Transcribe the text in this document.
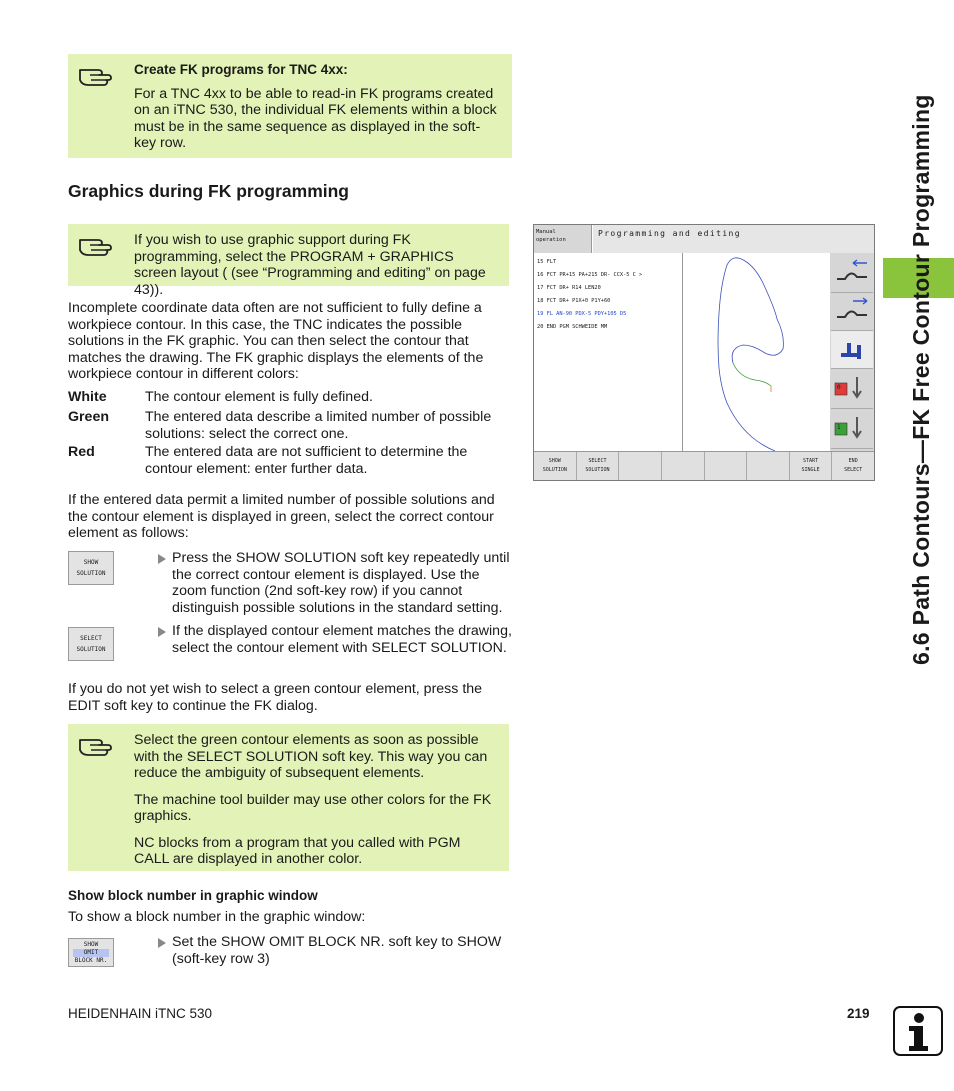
6.6 Path Contours—FK Free Contour Programming

Create FK programs for TNC 4xx:

For a TNC 4xx to be able to read-in FK programs created on an iTNC 530, the individual FK elements within a block must be in the same sequence as displayed in the soft-key row.

Graphics during FK programming

If you wish to use graphic support during FK programming, select the PROGRAM + GRAPHICS screen layout ( (see “Programming and editing” on page 43)).

Incomplete coordinate data often are not sufficient to fully define a workpiece contour. In this case, the TNC indicates the possible solutions in the FK graphic. You can then select the contour that matches the drawing. The FK graphic displays the elements of the workpiece contour in different colors:
White	The contour element is fully defined.
Green	The entered data describe a limited number of possible solutions: select the correct one.
Red	The entered data are not sufficient to determine the contour element: enter further data.
If the entered data permit a limited number of possible solutions and the contour element is displayed in green, select the correct contour element as follows:
SHOW
SOLUTION
Press the SHOW SOLUTION soft key repeatedly until the correct contour element is displayed. Use the zoom function (2nd soft-key row) if you cannot distinguish possible solutions in the standard setting.
SELECT
SOLUTION
If the displayed contour element matches the drawing, select the contour element with SELECT SOLUTION.
If you do not yet wish to select a green contour element, press the EDIT soft key to continue the FK dialog.

Select the green contour elements as soon as possible with the SELECT SOLUTION soft key. This way you can reduce the ambiguity of subsequent elements.

The machine tool builder may use other colors for the FK graphics.

NC blocks from a program that you called with PGM CALL are displayed in another color.

Show block number in graphic window
To show a block number in the graphic window:
SHOW
OMIT
BLOCK NR.
Set the SHOW OMIT BLOCK NR. soft key to SHOW (soft-key row 3)
Manual
operation
Programming and editing
15 FLT
16 FCT PR+15 PA+215 DR- CCX-5 C >
17 FCT DR+ R14 LEN20
18 FCT DR+ P1X+0 P1Y+60
19 FL AN-90 PDX-5 PDY+105 D5
20 END PGM SCHWEIDE MM
0
1
SHOW
SOLUTION
SELECT
SOLUTION
START
SINGLE
END
SELECT
HEIDENHAIN iTNC 530	219
